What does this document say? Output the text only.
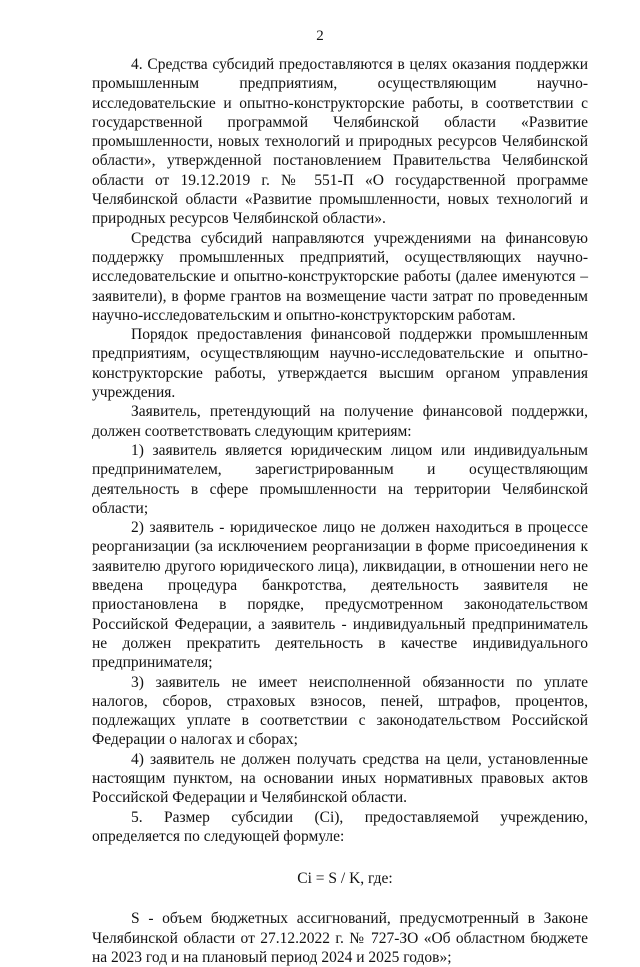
2

4. Средства субсидий предоставляются в целях оказания поддержки промышленным предприятиям, осуществляющим научно-исследовательские и опытно-конструкторские работы, в соответствии с государственной программой Челябинской области «Развитие промышленности, новых технологий и природных ресурсов Челябинской области», утвержденной постановлением Правительства Челябинской области от 19.12.2019 г. № 551-П «О государственной программе Челябинской области «Развитие промышленности, новых технологий и природных ресурсов Челябинской области».

Средства субсидий направляются учреждениями на финансовую поддержку промышленных предприятий, осуществляющих научно-исследовательские и опытно-конструкторские работы (далее именуются – заявители), в форме грантов на возмещение части затрат по проведенным научно-исследовательским и опытно-конструкторским работам.

Порядок предоставления финансовой поддержки промышленным предприятиям, осуществляющим научно-исследовательские и опытно-конструкторские работы, утверждается высшим органом управления учреждения.

Заявитель, претендующий на получение финансовой поддержки, должен соответствовать следующим критериям:

1) заявитель является юридическим лицом или индивидуальным предпринимателем, зарегистрированным и осуществляющим деятельность в сфере промышленности на территории Челябинской области;

2) заявитель - юридическое лицо не должен находиться в процессе реорганизации (за исключением реорганизации в форме присоединения к заявителю другого юридического лица), ликвидации, в отношении него не введена процедура банкротства, деятельность заявителя не приостановлена в порядке, предусмотренном законодательством Российской Федерации, а заявитель - индивидуальный предприниматель не должен прекратить деятельность в качестве индивидуального предпринимателя;

3) заявитель не имеет неисполненной обязанности по уплате налогов, сборов, страховых взносов, пеней, штрафов, процентов, подлежащих уплате в соответствии с законодательством Российской Федерации о налогах и сборах;

4) заявитель не должен получать средства на цели, установленные настоящим пунктом, на основании иных нормативных правовых актов Российской Федерации и Челябинской области.

5. Размер субсидии (Ci), предоставляемой учреждению, определяется по следующей формуле:

Ci = S / K, где:

S - объем бюджетных ассигнований, предусмотренный в Законе Челябинской области от 27.12.2022 г. № 727-ЗО «Об областном бюджете на 2023 год и на плановый период 2024 и 2025 годов»;
